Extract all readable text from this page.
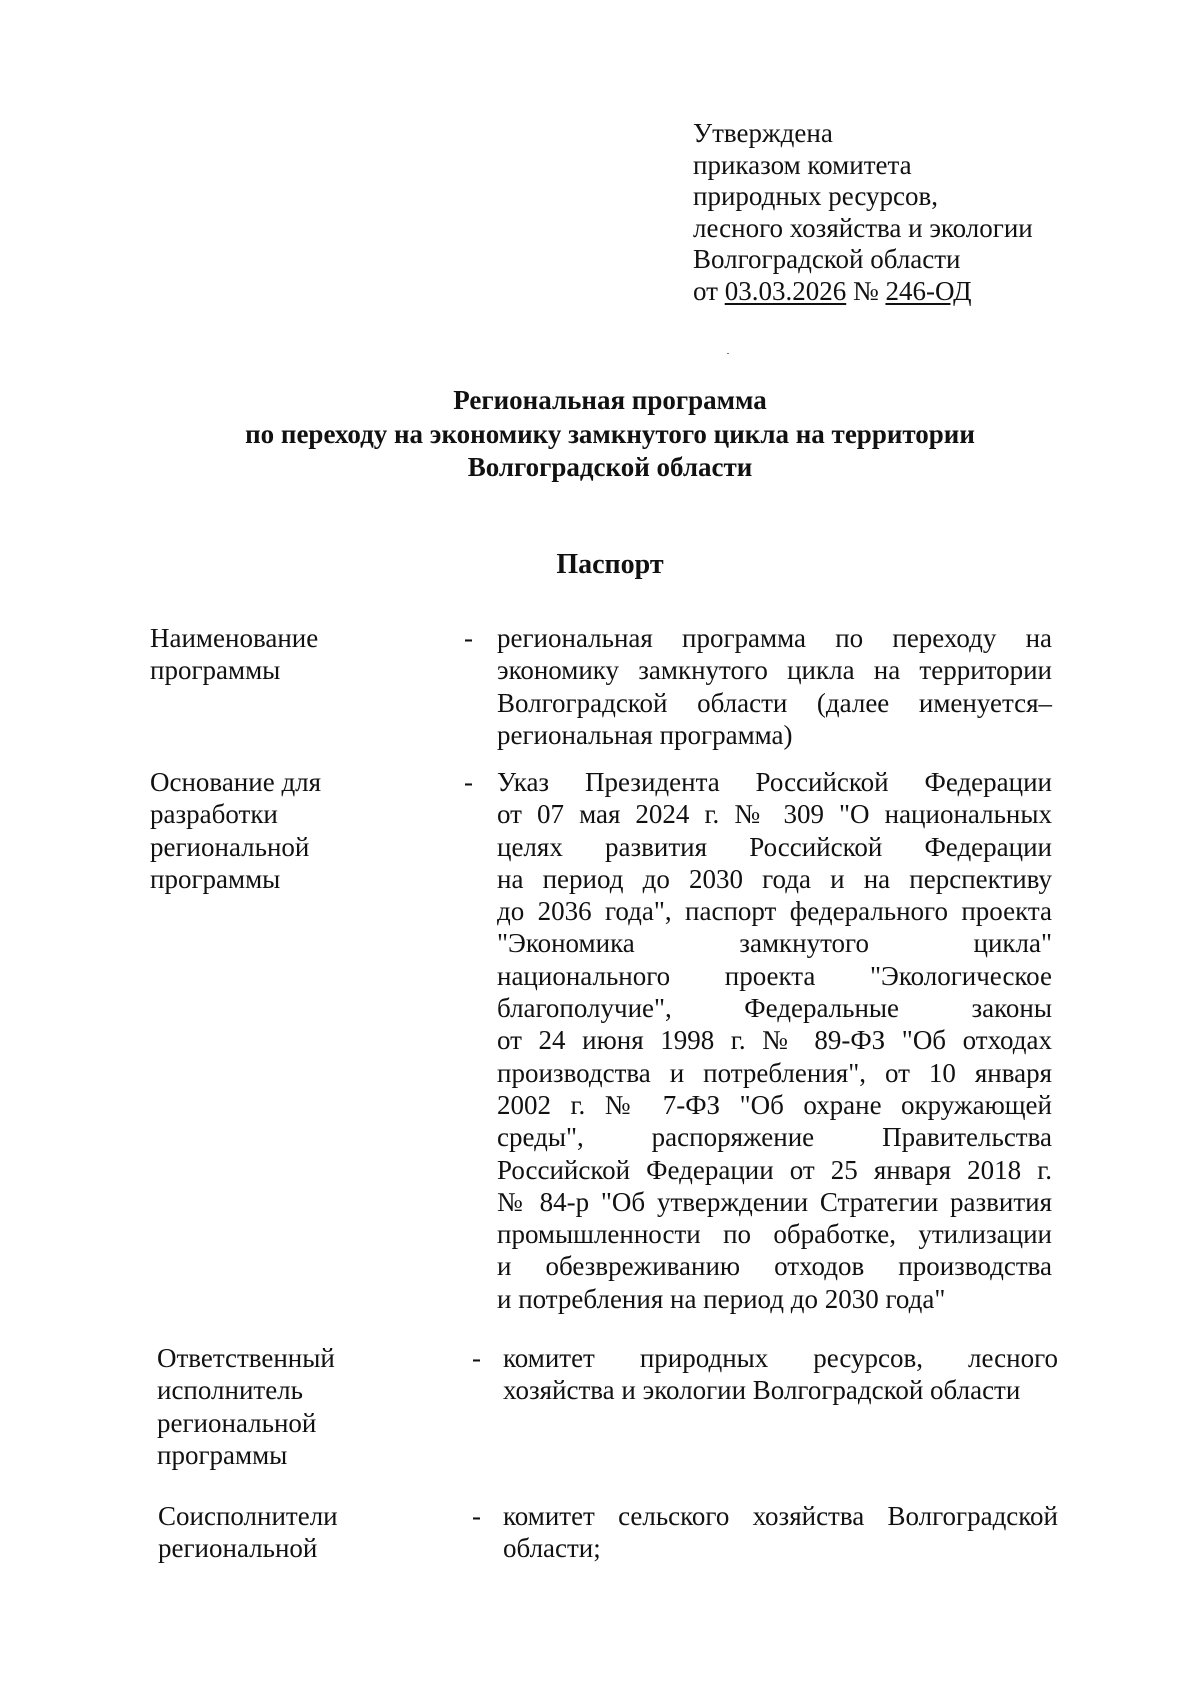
Утверждена
приказом комитета
природных ресурсов,
лесного хозяйства и экологии
Волгоградской области
от 03.03.2026 № 246-ОД
Региональная программа
по переходу на экономику замкнутого цикла на территории
Волгоградской области
Паспорт
Наименование
программы
- региональная программа по переходу на
экономику замкнутого цикла на территории
Волгоградской области (далее именуется–
региональная программа)
Основание для
разработки
региональной
программы
- Указ Президента Российской Федерации
от 07 мая 2024 г. № 309 "О национальных
целях развития Российской Федерации
на период до 2030 года и на перспективу
до 2036 года", паспорт федерального проекта
"Экономика замкнутого цикла"
национального проекта "Экологическое
благополучие", Федеральные законы
от 24 июня 1998 г. № 89-ФЗ "Об отходах
производства и потребления", от 10 января
2002 г. № 7-ФЗ "Об охране окружающей
среды", распоряжение Правительства
Российской Федерации от 25 января 2018 г.
№ 84-р "Об утверждении Стратегии развития
промышленности по обработке, утилизации
и обезвреживанию отходов производства
и потребления на период до 2030 года"
Ответственный
исполнитель
региональной
программы
- комитет природных ресурсов, лесного
хозяйства и экологии Волгоградской области
Соисполнители
региональной
- комитет сельского хозяйства Волгоградской
области;
